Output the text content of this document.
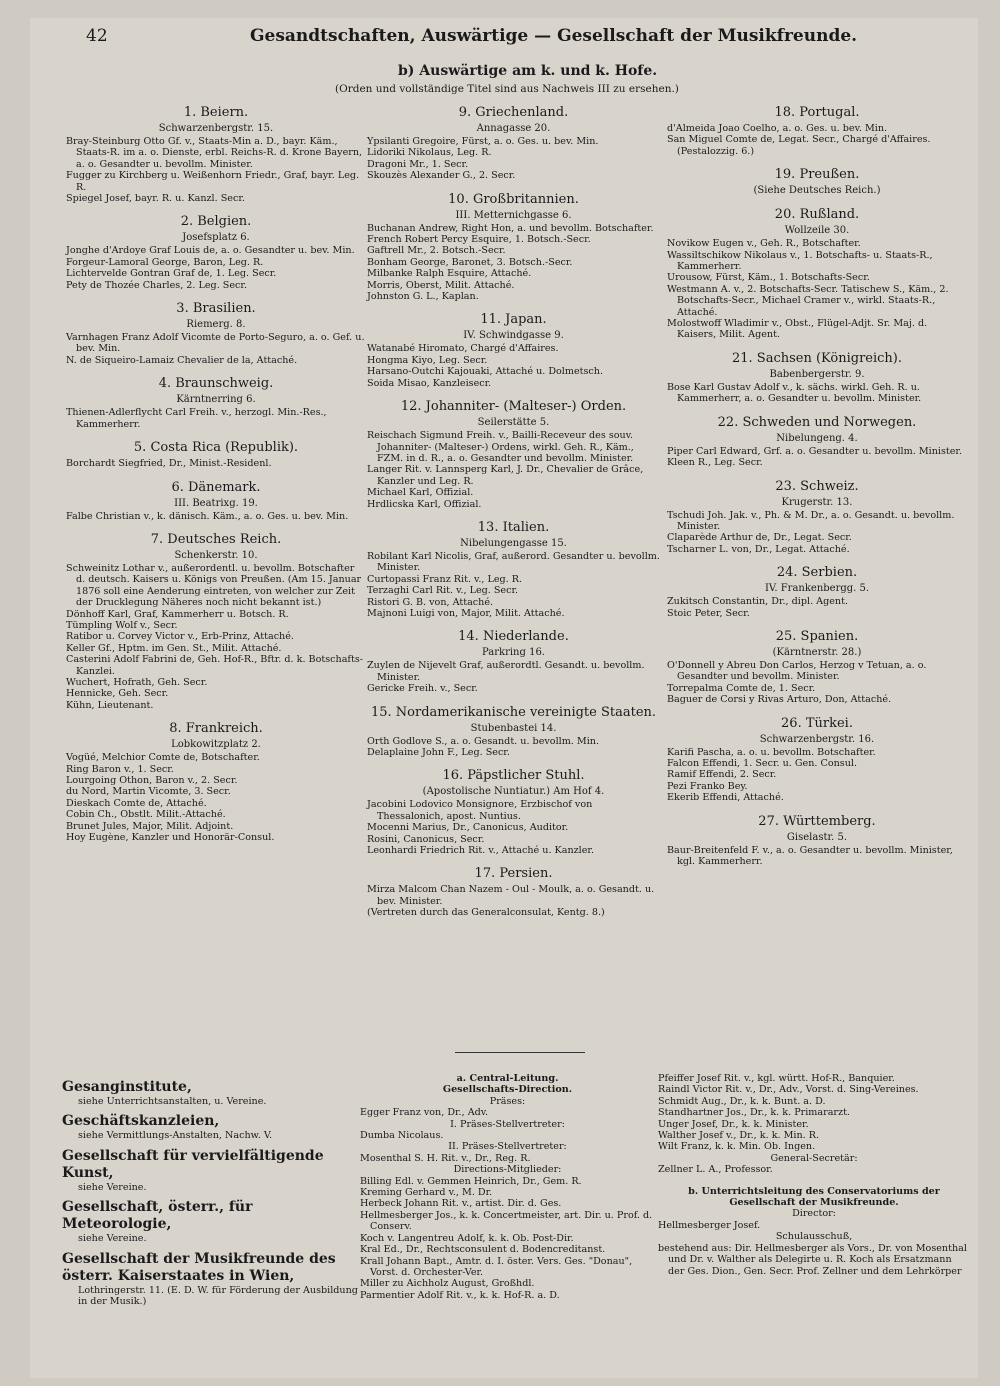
42	Gesandtschaften, Auswärtige — Gesellschaft der Musikfreunde.
b) Auswärtige am k. und k. Hofe.
(Orden und vollständige Titel sind aus Nachweis III zu ersehen.)
1. Beiern.
Schwarzenbergstr. 15.
Bray-Steinburg Otto Gf. v., Staats-Min a. D., bayr. Käm., Staats-R. im a. o. Dienste, erbl. Reichs-R. d. Krone Bayern, a. o. Gesandter u. bevollm. Minister.
Fugger zu Kirchberg u. Weißenhorn Friedr., Graf, bayr. Leg. R.
Spiegel Josef, bayr. R. u. Kanzl. Secr.
2. Belgien.
Josefsplatz 6.
Jonghe d'Ardoye Graf Louis de, a. o. Gesandter u. bev. Min.
Forgeur-Lamoral George, Baron, Leg. R.
Lichtervelde Gontran Graf de, 1. Leg. Secr.
Pety de Thozée Charles, 2. Leg. Secr.
3. Brasilien.
Riemerg. 8.
Varnhagen Franz Adolf Vicomte de Porto-Seguro, a. o. Gef. u. bev. Min.
N. de Siqueiro-Lamaiz Chevalier de la, Attaché.
4. Braunschweig.
Kärntnerring 6.
Thienen-Adlerflycht Carl Freih. v., herzogl. Min.-Res., Kammerherr.
5. Costa Rica (Republik).
Borchardt Siegfried, Dr., Minist.-Residenl.
6. Dänemark.
III. Beatrixg. 19.
Falbe Christian v., k. dänisch. Käm., a. o. Ges. u. bev. Min.
7. Deutsches Reich.
Schenkerstr. 10.
Schweinitz Lothar v., außerordentl. u. bevollm. Botschafter d. deutsch. Kaisers u. Königs von Preußen. (Am 15. Januar 1876 soll eine Aenderung eintreten, von welcher zur Zeit der Drucklegung Näheres noch nicht bekannt ist.)
Dönhoff Karl, Graf, Kammerherr u. Botsch. R.
Tümpling Wolf v., Secr.
Ratibor u. Corvey Victor v., Erb-Prinz, Attaché.
Keller Gf., Hptm. im Gen. St., Milit. Attaché.
Casterini Adolf Fabrini de, Geh. Hof-R., Bftr. d. k. Botschafts-Kanzlei.
Wuchert, Hofrath, Geh. Secr.
Hennicke, Geh. Secr.
Kühn, Lieutenant.
8. Frankreich.
Lobkowitzplatz 2.
Vogüé, Melchior Comte de, Botschafter.
Ring Baron v., 1. Secr.
Lourgoing Othon, Baron v., 2. Secr.
du Nord, Martin Vicomte, 3. Secr.
Dieskach Comte de, Attaché.
Cobin Ch., Obstlt. Milit.-Attaché.
Brunet Jules, Major, Milit. Adjoint.
Hoy Eugène, Kanzler und Honorär-Consul.
9. Griechenland.
Annagasse 20.
Ypsilanti Gregoire, Fürst, a. o. Ges. u. bev. Min.
Lidoriki Nikolaus, Leg. R.
Dragoni Mr., 1. Secr.
Skouzès Alexander G., 2. Secr.
10. Großbritannien.
III. Metternichgasse 6.
Buchanan Andrew, Right Hon, a. und bevollm. Botschafter.
French Robert Percy Esquire, 1. Botsch.-Secr.
Gaftrell Mr., 2. Botsch.-Secr.
Bonham George, Baronet, 3. Botsch.-Secr.
Milbanke Ralph Esquire, Attaché.
Morris, Oberst, Milit. Attaché.
Johnston G. L., Kaplan.
11. Japan.
IV. Schwindgasse 9.
Watanabé Hiromato, Chargé d'Affaires.
Hongma Kiyo, Leg. Secr.
Harsano-Outchi Kajouaki, Attaché u. Dolmetsch.
Soida Misao, Kanzleisecr.
12. Johanniter- (Malteser-) Orden.
Seilerstätte 5.
Reischach Sigmund Freih. v., Bailli-Receveur des souv. Johanniter- (Malteser-) Ordens, wirkl. Geh. R., Käm., FZM. in d. R., a. o. Gesandter und bevollm. Minister.
Langer Rit. v. Lannsperg Karl, J. Dr., Chevalier de Grâce, Kanzler und Leg. R.
Michael Karl, Offizial.
Hrdlicska Karl, Offizial.
13. Italien.
Nibelungengasse 15.
Robilant Karl Nicolis, Graf, außerord. Gesandter u. bevollm. Minister.
Curtopassi Franz Rit. v., Leg. R.
Terzaghi Carl Rit. v., Leg. Secr.
Ristori G. B. von, Attaché.
Majnoni Luigi von, Major, Milit. Attaché.
14. Niederlande.
Parkring 16.
Zuylen de Nijevelt Graf, außerordtl. Gesandt. u. bevollm. Minister.
Gericke Freih. v., Secr.
15. Nordamerikanische vereinigte Staaten.
Stubenbastei 14.
Orth Godlove S., a. o. Gesandt. u. bevollm. Min.
Delaplaine John F., Leg. Secr.
16. Päpstlicher Stuhl.
(Apostolische Nuntiatur.) Am Hof 4.
Jacobini Lodovico Monsignore, Erzbischof von Thessalonich, apost. Nuntius.
Mocenni Marius, Dr., Canonicus, Auditor.
Rosini, Canonicus, Secr.
Leonhardi Friedrich Rit. v., Attaché u. Kanzler.
17. Persien.
Mirza Malcom Chan Nazem - Oul - Moulk, a. o. Gesandt. u. bev. Minister.
(Vertreten durch das Generalconsulat, Kentg. 8.)
18. Portugal.
d'Almeida Joao Coelho, a. o. Ges. u. bev. Min.
San Miguel Comte de, Legat. Secr., Chargé d'Affaires. (Pestalozzig. 6.)
19. Preußen.
(Siehe Deutsches Reich.)
20. Rußland.
Wollzeile 30.
Novikow Eugen v., Geh. R., Botschafter.
Wassiltschikow Nikolaus v., 1. Botschafts- u. Staats-R., Kammerherr.
Urousow, Fürst, Käm., 1. Botschafts-Secr.
Westmann A. v., 2. Botschafts-Secr. Tatischew S., Käm., 2. Botschafts-Secr., Michael Cramer v., wirkl. Staats-R., Attaché.
Molostwoff Wladimir v., Obst., Flügel-Adjt. Sr. Maj. d. Kaisers, Milit. Agent.
21. Sachsen (Königreich).
Babenbergerstr. 9.
Bose Karl Gustav Adolf v., k. sächs. wirkl. Geh. R. u. Kammerherr, a. o. Gesandter u. bevollm. Minister.
22. Schweden und Norwegen.
Nibelungeng. 4.
Piper Carl Edward, Grf. a. o. Gesandter u. bevollm. Minister.
Kleen R., Leg. Secr.
23. Schweiz.
Krugerstr. 13.
Tschudi Joh. Jak. v., Ph. & M. Dr., a. o. Gesandt. u. bevollm. Minister.
Claparède Arthur de, Dr., Legat. Secr.
Tscharner L. von, Dr., Legat. Attaché.
24. Serbien.
IV. Frankenbergg. 5.
Zukitsch Constantin, Dr., dipl. Agent.
Stoic Peter, Secr.
25. Spanien.
(Kärntnerstr. 28.)
O'Donnell y Abreu Don Carlos, Herzog v Tetuan, a. o. Gesandter und bevollm. Minister.
Torrepalma Comte de, 1. Secr.
Baguer de Corsi y Rivas Arturo, Don, Attaché.
26. Türkei.
Schwarzenbergstr. 16.
Karifi Pascha, a. o. u. bevollm. Botschafter.
Falcon Effendi, 1. Secr. u. Gen. Consul.
Ramif Effendi, 2. Secr.
Pezi Franko Bey.
Ekerib Effendi, Attaché.
27. Württemberg.
Giselastr. 5.
Baur-Breitenfeld F. v., a. o. Gesandter u. bevollm. Minister, kgl. Kammerherr.
Gesanginstitute,
siehe Unterrichtsanstalten, u. Vereine.
Geschäftskanzleien,
siehe Vermittlungs-Anstalten, Nachw. V.
Gesellschaft für vervielfältigende Kunst,
siehe Vereine.
Gesellschaft, österr., für Meteorologie,
siehe Vereine.
Gesellschaft der Musikfreunde des österr. Kaiserstaates in Wien,
Lothringerstr. 11. (E. D. W. für Förderung der Ausbildung in der Musik.)
a. Central-Leitung.
Gesellschafts-Direction.
Präses:
Egger Franz von, Dr., Adv.
I. Präses-Stellvertreter:
Dumba Nicolaus.
II. Präses-Stellvertreter:
Mosenthal S. H. Rit. v., Dr., Reg. R.
Directions-Mitglieder:
Billing Edl. v. Gemmen Heinrich, Dr., Gem. R.
Kreming Gerhard v., M. Dr.
Herbeck Johann Rit. v., artist. Dir. d. Ges.
Hellmesberger Jos., k. k. Concertmeister, art. Dir. u. Prof. d. Conserv.
Koch v. Langentreu Adolf, k. k. Ob. Post-Dir.
Kral Ed., Dr., Rechtsconsulent d. Bodencreditanst.
Krall Johann Bapt., Amtr. d. I. öster. Vers. Ges. "Donau", Vorst. d. Orchester-Ver.
Miller zu Aichholz August, Großhdl.
Parmentier Adolf Rit. v., k. k. Hof-R. a. D.
Pfeiffer Josef Rit. v., kgl. württ. Hof-R., Banquier.
Raindl Victor Rit. v., Dr., Adv., Vorst. d. Sing-Vereines.
Schmidt Aug., Dr., k. k. Bunt. a. D.
Standhartner Jos., Dr., k. k. Primararzt.
Unger Josef, Dr., k. k. Minister.
Walther Josef v., Dr., k. k. Min. R.
Wilt Franz, k. k. Min. Ob. Ingen.
General-Secretär:
Zellner L. A., Professor.
b. Unterrichtsleitung des Conservatoriums der Gesellschaft der Musikfreunde.
Director:
Hellmesberger Josef.
Schulausschuß,
bestehend aus: Dir. Hellmesberger als Vors., Dr. von Mosenthal und Dr. v. Walther als Delegirte u. R. Koch als Ersatzmann der Ges. Dion., Gen. Secr. Prof. Zellner und dem Lehrkörper
